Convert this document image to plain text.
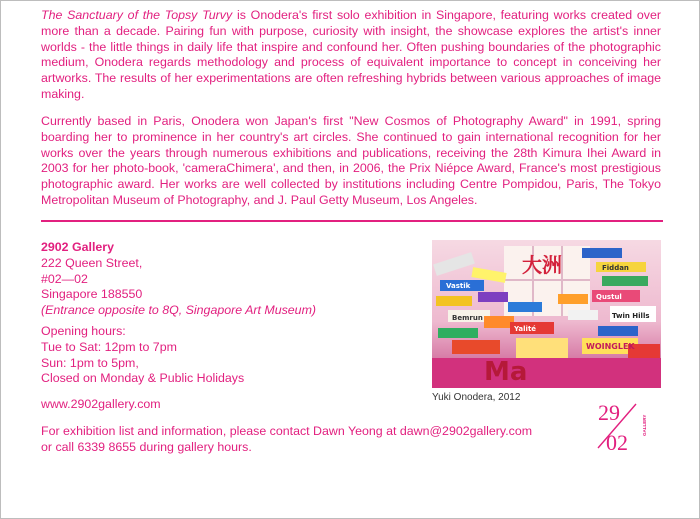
The Sanctuary of the Topsy Turvy is Onodera's first solo exhibition in Singapore, featuring works created over more than a decade. Pairing fun with purpose, curiosity with insight, the showcase explores the artist's inner worlds - the little things in daily life that inspire and confound her. Often pushing boundaries of the photographic medium, Onodera regards methodology and process of equivalent importance to concept in conceiving her artworks. The results of her experimentations are often refreshing hybrids between various approaches of image making.

Currently based in Paris, Onodera won Japan's first "New Cosmos of Photography Award" in 1991, spring boarding her to prominence in her country's art circles. She continued to gain international recognition for her works over the years through numerous exhibitions and publications, receiving the 28th Kimura Ihei Award in 2003 for her photo-book, 'cameraChimera', and then, in 2006, the Prix Niépce Award, France's most prestigious photographic award. Her works are well collected by institutions including Centre Pompidou, Paris, The Tokyo Metropolitan Museum of Photography, and J. Paul Getty Museum, Los Angeles.

2902 Gallery
222 Queen Street,
#02—02
Singapore 188550
(Entrance opposite to 8Q, Singapore Art Museum)
Opening hours:
Tue to Sat: 12pm to 7pm
Sun: 1pm to 5pm,
Closed on Monday & Public Holidays
www.2902gallery.com
For exhibition list and information, please contact Dawn Yeong at dawn@2902gallery.com
or call 6339 8655 during gallery hours.
大洲
Vastik
Twin Hills
WOINGLEK
Yalité
Bemrun
Qustul
Fiddan
Ma
Yuki Onodera, 2012
29
02
GALLERY
